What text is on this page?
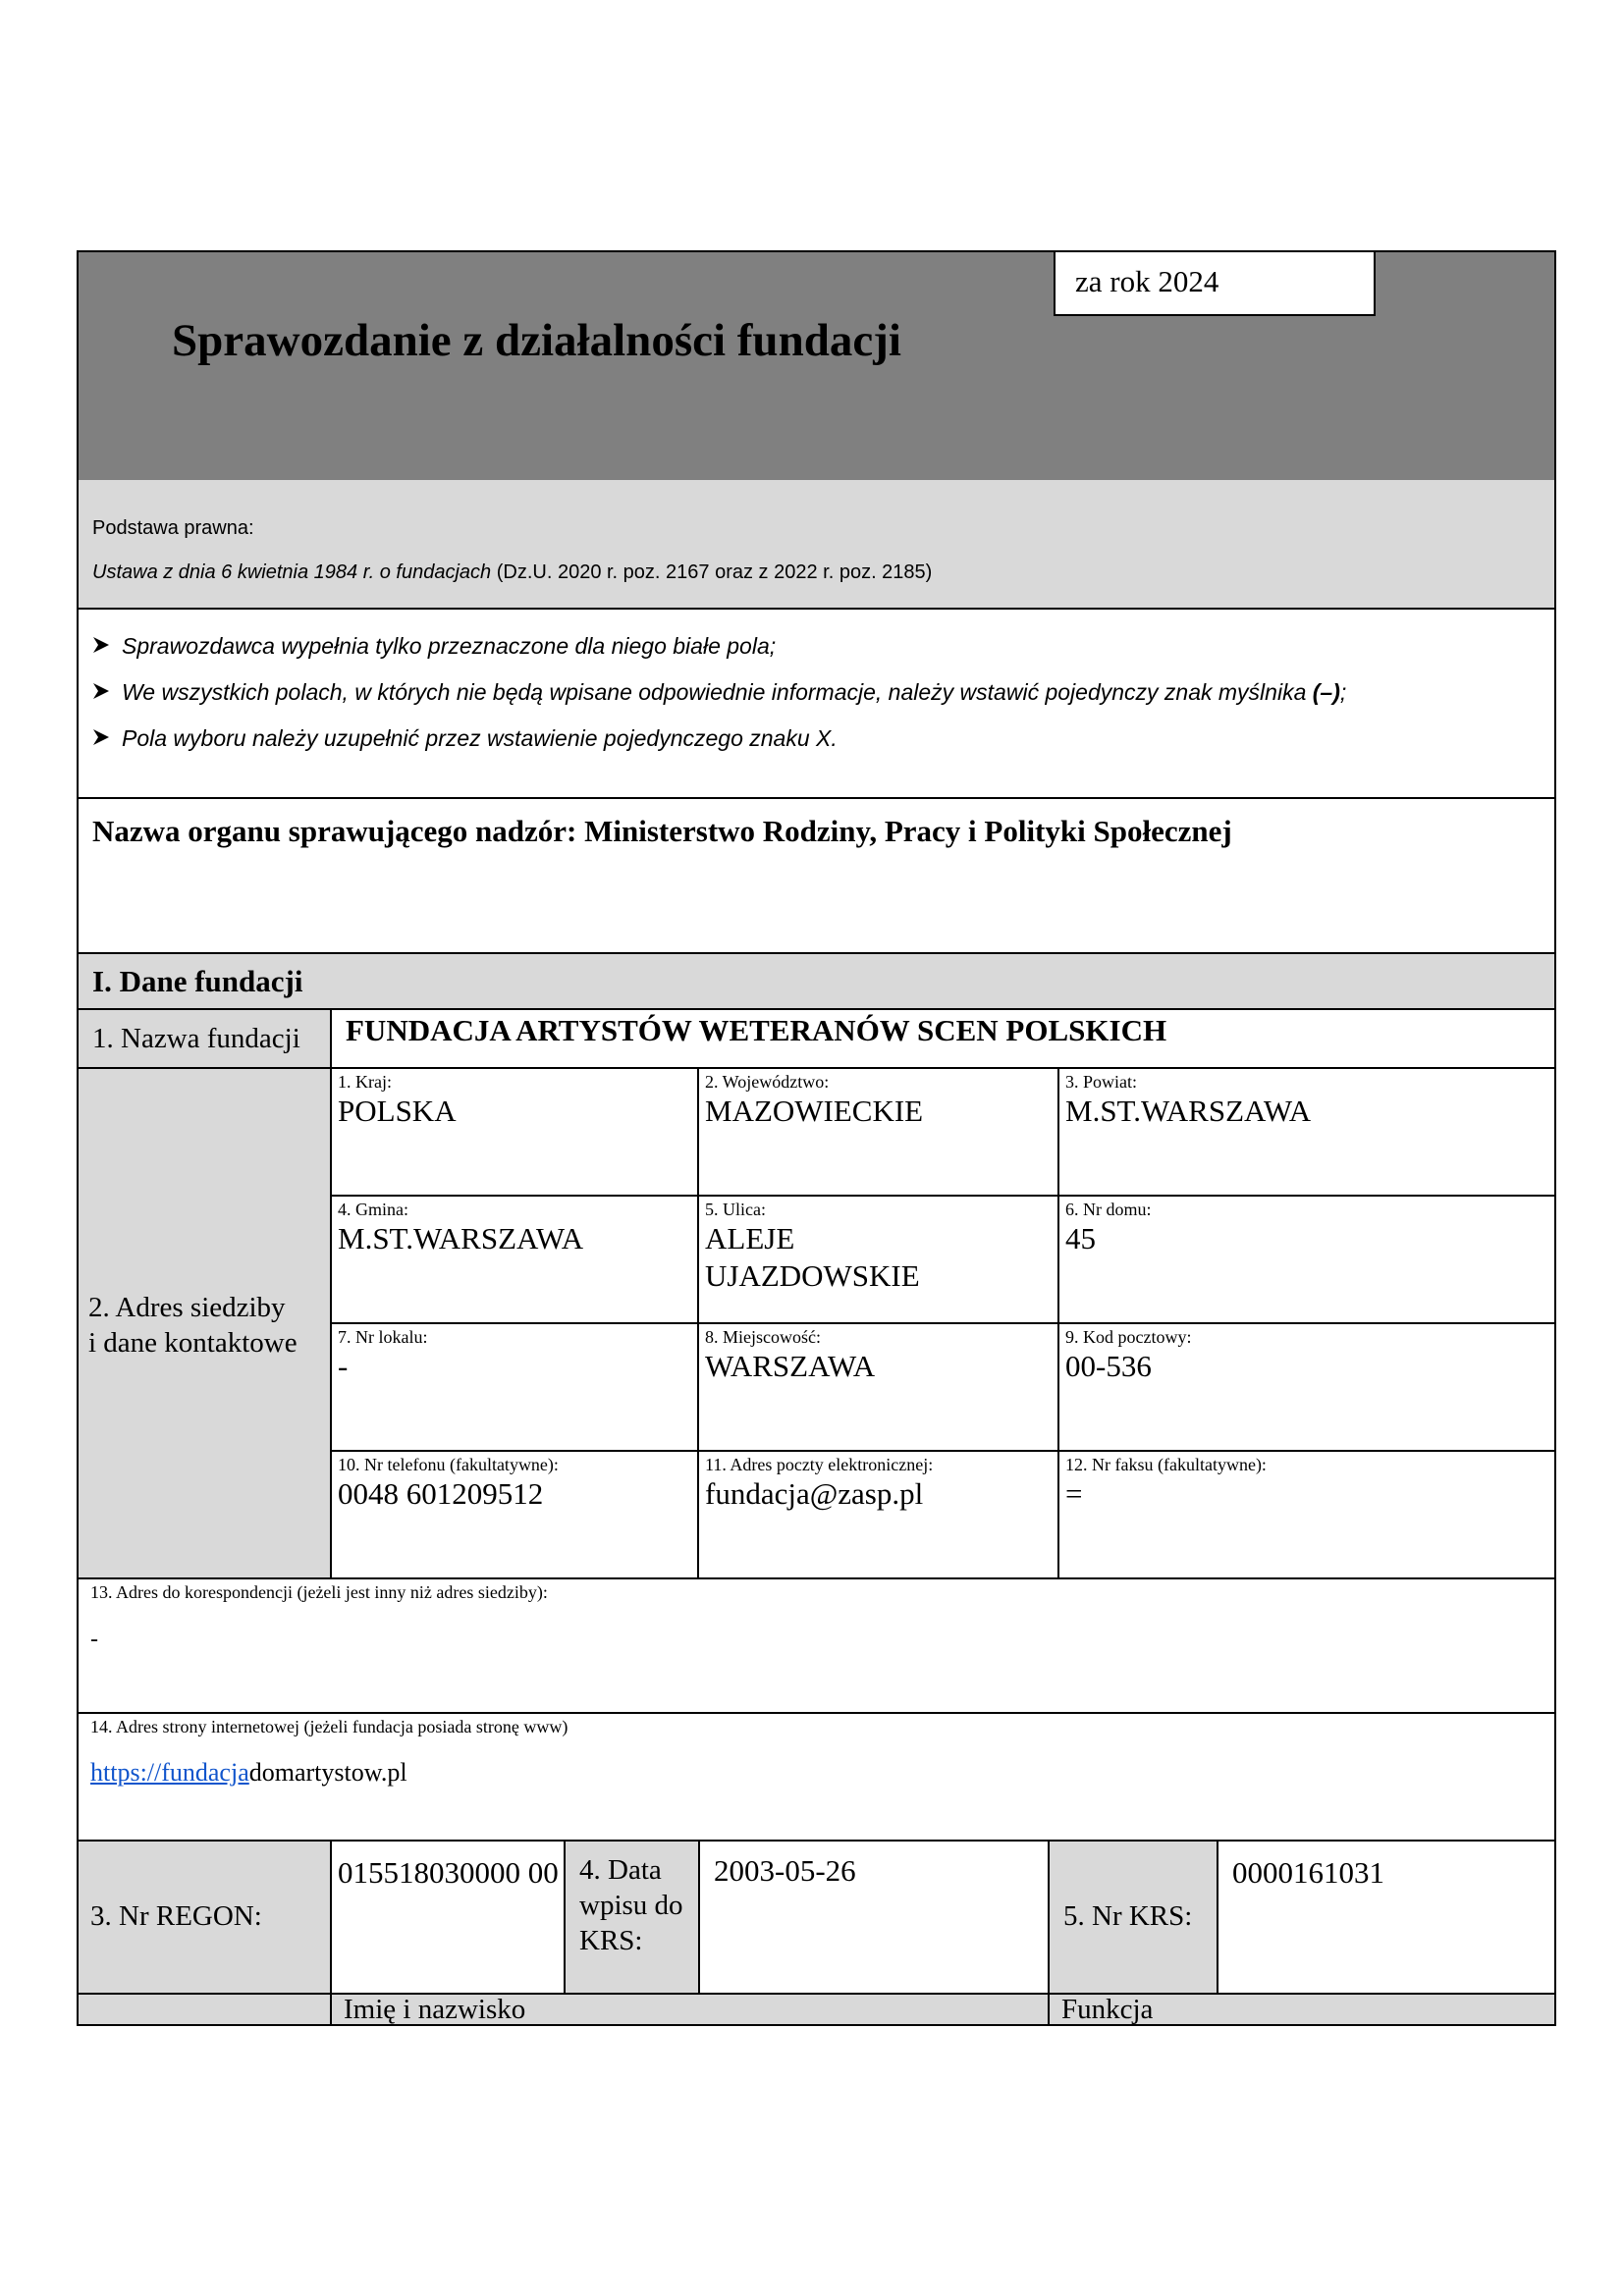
Sprawozdanie z działalności fundacji
za rok 2024
Podstawa prawna:
Ustawa z dnia 6 kwietnia 1984 r. o fundacjach (Dz.U. 2020 r. poz. 2167 oraz z 2022 r. poz. 2185)
Sprawozdawca wypełnia tylko przeznaczone dla niego białe pola;
We wszystkich polach, w których nie będą wpisane odpowiednie informacje, należy wstawić pojedynczy znak myślnika (–);
Pola wyboru należy uzupełnić przez wstawienie pojedynczego znaku X.
Nazwa organu sprawującego nadzór: Ministerstwo Rodziny, Pracy i Polityki Społecznej
I. Dane fundacji
1. Nazwa fundacji	FUNDACJA ARTYSTÓW WETERANÓW SCEN POLSKICH
2. Adres siedziby
i dane kontaktowe
1. Kraj:
POLSKA
2. Województwo:
MAZOWIECKIE
3. Powiat:
M.ST.WARSZAWA
4. Gmina:
M.ST.WARSZAWA
5. Ulica:
ALEJE UJAZDOWSKIE
6. Nr domu:
45
7. Nr lokalu:
-
8. Miejscowość:
WARSZAWA
9. Kod pocztowy:
00-536
10. Nr telefonu (fakultatywne):
0048 601209512
11. Adres poczty elektronicznej:
fundacja@zasp.pl
12. Nr faksu (fakultatywne):
=
13. Adres do korespondencji (jeżeli jest inny niż adres siedziby):
-
14. Adres strony internetowej (jeżeli fundacja posiada stronę www)
https://fundacjadomartystow.pl
3. Nr REGON:
015518030000 00 4. Data wpisu do KRS:
2003-05-26
5. Nr KRS:
0000161031
Imię i nazwisko	Funkcja
